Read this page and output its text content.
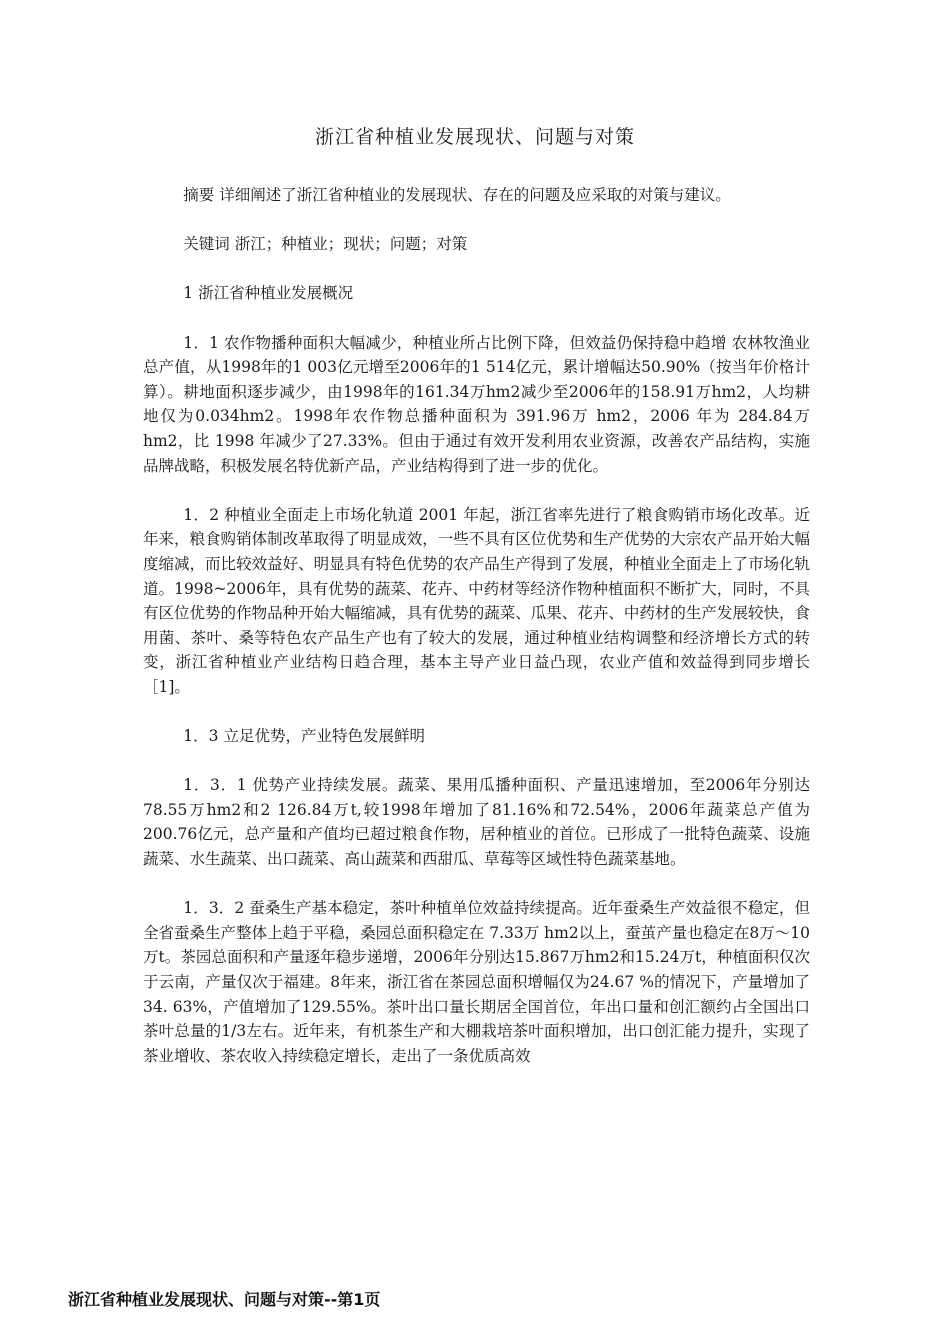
浙江省种植业发展现状、问题与对策

摘要 详细阐述了浙江省种植业的发展现状、存在的问题及应采取的对策与建议。

关键词 浙江；种植业；现状；问题；对策

1 浙江省种植业发展概况

1．1 农作物播种面积大幅减少，种植业所占比例下降，但效益仍保持稳中趋增 农林牧渔业总产值，从1998年的1 003亿元增至2006年的1 514亿元，累计增幅达50.90%（按当年价格计算）。耕地面积逐步减少，由1998年的161.34万hm2减少至2006年的158.91万hm2，人均耕地仅为0.034hm2。1998年农作物总播种面积为 391.96万 hm2，2006 年为 284.84万 hm2，比 1998 年减少了27.33%。但由于通过有效开发利用农业资源，改善农产品结构，实施品牌战略，积极发展名特优新产品，产业结构得到了进一步的优化。

1．2 种植业全面走上市场化轨道 2001 年起，浙江省率先进行了粮食购销市场化改革。近年来，粮食购销体制改革取得了明显成效，一些不具有区位优势和生产优势的大宗农产品开始大幅度缩减，而比较效益好、明显具有特色优势的农产品生产得到了发展，种植业全面走上了市场化轨道。1998~2006年，具有优势的蔬菜、花卉、中药材等经济作物种植面积不断扩大，同时，不具有区位优势的作物品种开始大幅缩减，具有优势的蔬菜、瓜果、花卉、中药材的生产发展较快，食用菌、茶叶、桑等特色农产品生产也有了较大的发展，通过种植业结构调整和经济增长方式的转变，浙江省种植业产业结构日趋合理，基本主导产业日益凸现，农业产值和效益得到同步增长［1]。

1．3 立足优势，产业特色发展鲜明

1．3．1 优势产业持续发展。蔬菜、果用瓜播种面积、产量迅速增加，至2006年分别达78.55万hm2和2 126.84万t,较1998年增加了81.16%和72.54%，2006年蔬菜总产值为200.76亿元，总产量和产值均已超过粮食作物，居种植业的首位。已形成了一批特色蔬菜、设施蔬菜、水生蔬菜、出口蔬菜、高山蔬菜和西甜瓜、草莓等区域性特色蔬菜基地。

1．3．2 蚕桑生产基本稳定，茶叶种植单位效益持续提高。近年蚕桑生产效益很不稳定，但全省蚕桑生产整体上趋于平稳，桑园总面积稳定在 7.33万 hm2以上，蚕茧产量也稳定在8万～10万t。茶园总面积和产量逐年稳步递增，2006年分别达15.867万hm2和15.24万t，种植面积仅次于云南，产量仅次于福建。8年来，浙江省在茶园总面积增幅仅为24.67 %的情况下，产量增加了 34. 63%，产值增加了129.55%。茶叶出口量长期居全国首位，年出口量和创汇额约占全国出口茶叶总量的1/3左右。近年来，有机茶生产和大棚栽培茶叶面积增加，出口创汇能力提升，实现了茶业增收、茶农收入持续稳定增长，走出了一条优质高效

浙江省种植业发展现状、问题与对策--第1页
